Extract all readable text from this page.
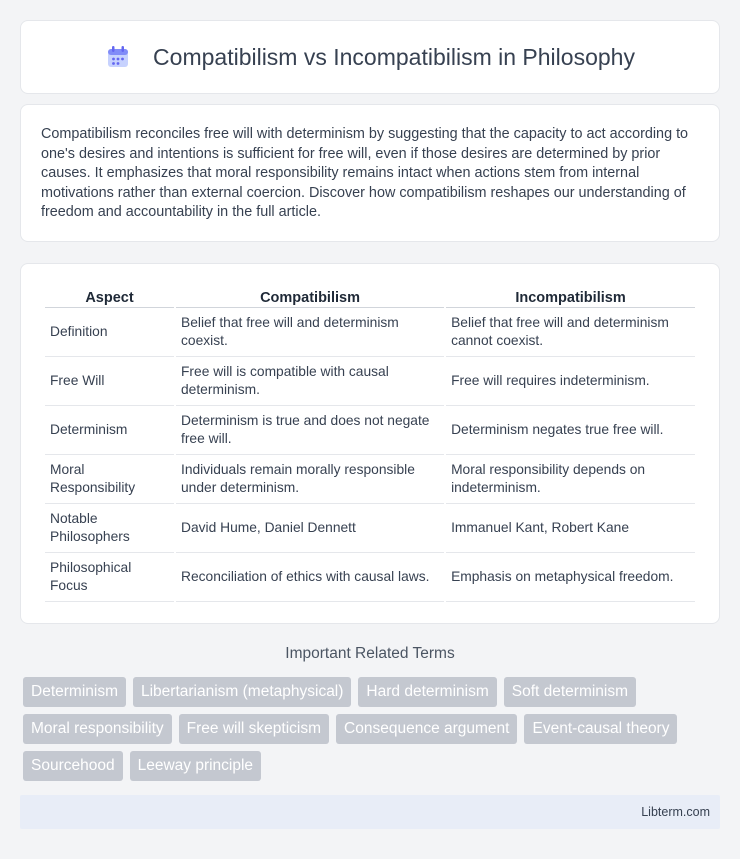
Compatibilism vs Incompatibilism in Philosophy

Compatibilism reconciles free will with determinism by suggesting that the capacity to act according to one's desires and intentions is sufficient for free will, even if those desires are determined by prior causes. It emphasizes that moral responsibility remains intact when actions stem from internal motivations rather than external coercion. Discover how compatibilism reshapes our understanding of freedom and accountability in the full article.

Aspect	Compatibilism	Incompatibilism
Definition	Belief that free will and determinism coexist.	Belief that free will and determinism cannot coexist.
Free Will	Free will is compatible with causal determinism.	Free will requires indeterminism.
Determinism	Determinism is true and does not negate free will.	Determinism negates true free will.
Moral Responsibility	Individuals remain morally responsible under determinism.	Moral responsibility depends on indeterminism.
Notable Philosophers	David Hume, Daniel Dennett	Immanuel Kant, Robert Kane
Philosophical Focus	Reconciliation of ethics with causal laws.	Emphasis on metaphysical freedom.
Important Related Terms
Determinism	Libertarianism (metaphysical)	Hard determinism	Soft determinism
Moral responsibility	Free will skepticism	Consequence argument	Event-causal theory
Sourcehood	Leeway principle
Libterm.com
